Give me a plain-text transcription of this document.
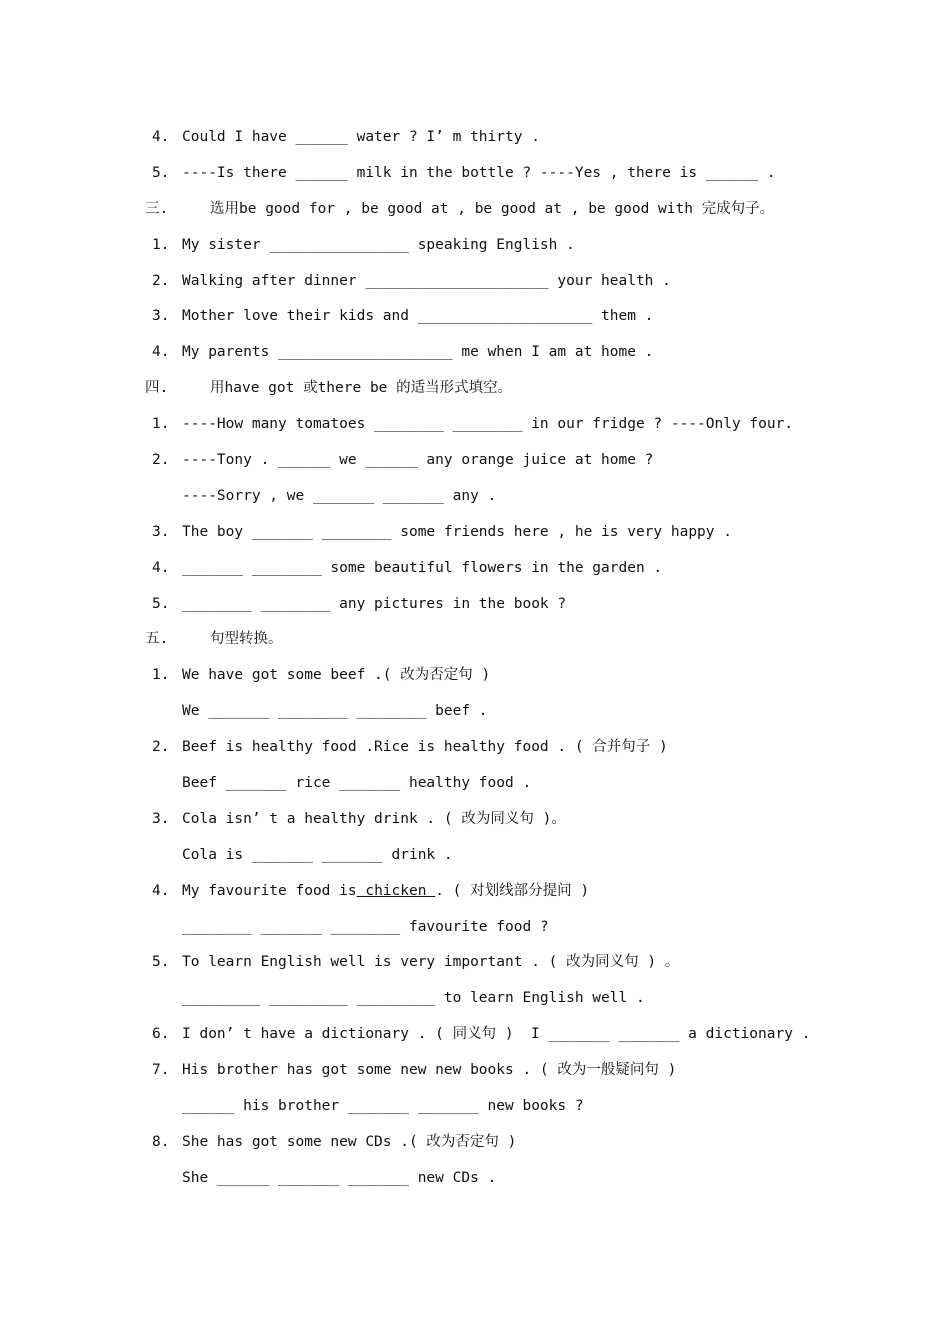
4. Could I have ______ water ? I’ m thirty .
5. ----Is there ______ milk in the bottle ? ----Yes , there is ______ .
三.	选用be good for , be good at , be good at , be good with 完成句子。
1. My sister ________________ speaking English .
2. Walking after dinner _____________________ your health .
3. Mother love their kids and ____________________ them .
4. My parents ____________________ me when I am at home .
四.	用have got 或there be 的适当形式填空。
1. ----How many tomatoes ________ ________ in our fridge ? ----Only four.
2. ----Tony . ______ we ______ any orange juice at home ?
----Sorry , we _______ _______ any .
3. The boy _______ ________ some friends here , he is very happy .
4. _______ ________ some beautiful flowers in the garden .
5. ________ ________ any pictures in the book ?
五.	句型转换。
1. We have got some beef .( 改为否定句 )
We _______ ________ ________ beef .
2. Beef is healthy food .Rice is healthy food . ( 合并句子 )
Beef _______ rice _______ healthy food .
3. Cola isn’ t a healthy drink . ( 改为同义句 )。
Cola is _______ _______ drink .
4. My favourite food is chicken . ( 对划线部分提问 )
________ _______ ________ favourite food ?
5. To learn English well is very important . ( 改为同义句 ) 。
_________ _________ _________ to learn English well .
6. I don’ t have a dictionary . ( 同义句 )  I _______ _______ a dictionary .
7. His brother has got some new new books . ( 改为一般疑问句 )
______ his brother _______ _______ new books ?
8. She has got some new CDs .( 改为否定句 )
She ______ _______ _______ new CDs .
